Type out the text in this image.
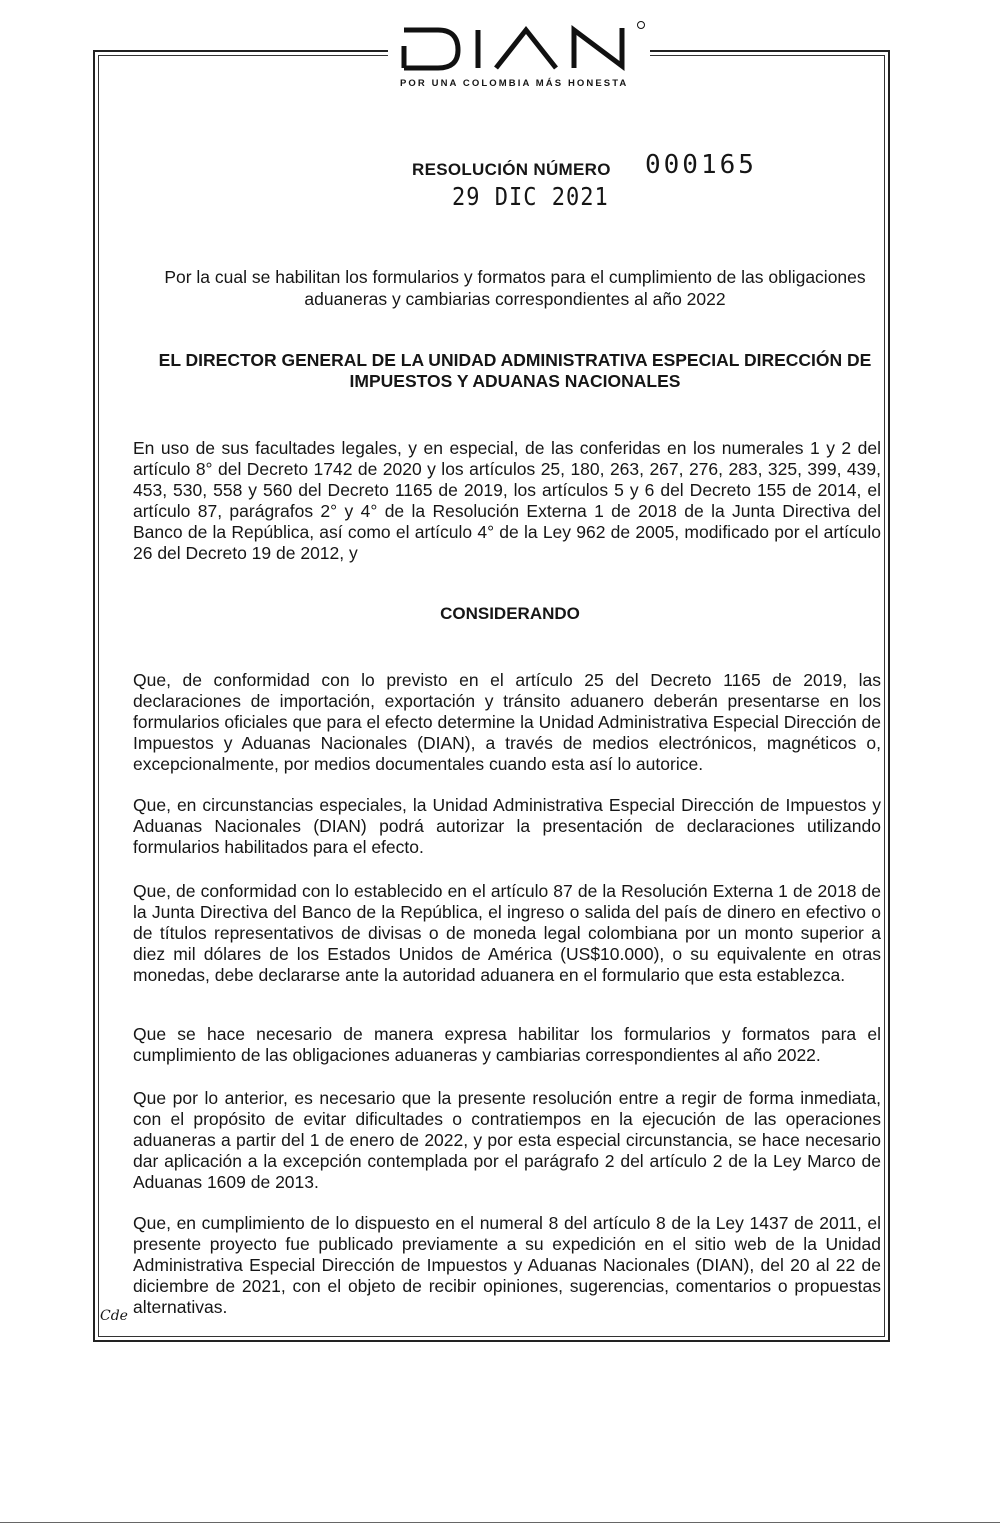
POR UNA COLOMBIA MÁS HONESTA
RESOLUCIÓN NÚMERO 000165
29 DIC 2021
Por la cual se habilitan los formularios y formatos para el cumplimiento de las obligaciones aduaneras y cambiarias correspondientes al año 2022
EL DIRECTOR GENERAL DE LA UNIDAD ADMINISTRATIVA ESPECIAL DIRECCIÓN DE IMPUESTOS Y ADUANAS NACIONALES
En uso de sus facultades legales, y en especial, de las conferidas en los numerales 1 y 2 del artículo 8° del Decreto 1742 de 2020 y los artículos 25, 180, 263, 267, 276, 283, 325, 399, 439, 453, 530, 558 y 560 del Decreto 1165 de 2019, los artículos 5 y 6 del Decreto 155 de 2014, el artículo 87, parágrafos 2° y 4° de la Resolución Externa 1 de 2018 de la Junta Directiva del Banco de la República, así como el artículo 4° de la Ley 962 de 2005, modificado por el artículo 26 del Decreto 19 de 2012, y
CONSIDERANDO
Que, de conformidad con lo previsto en el artículo 25 del Decreto 1165 de 2019, las declaraciones de importación, exportación y tránsito aduanero deberán presentarse en los formularios oficiales que para el efecto determine la Unidad Administrativa Especial Dirección de Impuestos y Aduanas Nacionales (DIAN), a través de medios electrónicos, magnéticos o, excepcionalmente, por medios documentales cuando esta así lo autorice.
Que, en circunstancias especiales, la Unidad Administrativa Especial Dirección de Impuestos y Aduanas Nacionales (DIAN) podrá autorizar la presentación de declaraciones utilizando formularios habilitados para el efecto.
Que, de conformidad con lo establecido en el artículo 87 de la Resolución Externa 1 de 2018 de la Junta Directiva del Banco de la República, el ingreso o salida del país de dinero en efectivo o de títulos representativos de divisas o de moneda legal colombiana por un monto superior a diez mil dólares de los Estados Unidos de América (US$10.000), o su equivalente en otras monedas, debe declararse ante la autoridad aduanera en el formulario que esta establezca.
Que se hace necesario de manera expresa habilitar los formularios y formatos para el cumplimiento de las obligaciones aduaneras y cambiarias correspondientes al año 2022.
Que por lo anterior, es necesario que la presente resolución entre a regir de forma inmediata, con el propósito de evitar dificultades o contratiempos en la ejecución de las operaciones aduaneras a partir del 1 de enero de 2022, y por esta especial circunstancia, se hace necesario dar aplicación a la excepción contemplada por el parágrafo 2 del artículo 2 de la Ley Marco de Aduanas 1609 de 2013.
Que, en cumplimiento de lo dispuesto en el numeral 8 del artículo 8 de la Ley 1437 de 2011, el presente proyecto fue publicado previamente a su expedición en el sitio web de la Unidad Administrativa Especial Dirección de Impuestos y Aduanas Nacionales (DIAN), del 20 al 22 de diciembre de 2021, con el objeto de recibir opiniones, sugerencias, comentarios o propuestas alternativas.
Cde
